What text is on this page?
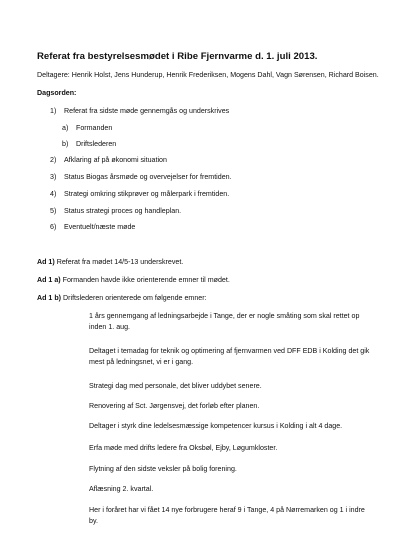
Referat fra bestyrelsesmødet i Ribe Fjernvarme d. 1. juli 2013.
Deltagere: Henrik Holst, Jens Hunderup, Henrik Frederiksen, Mogens Dahl, Vagn Sørensen, Richard Boisen.
Dagsorden:
1) Referat fra sidste møde gennemgås og underskrives
a) Formanden
b) Driftslederen
2) Afklaring af på økonomi situation
3) Status Biogas årsmøde og overvejelser for fremtiden.
4) Strategi omkring stikprøver og målerpark i fremtiden.
5) Status strategi proces og handleplan.
6) Eventuelt/næste møde
Ad 1) Referat fra mødet 14/5-13 underskrevet.
Ad 1 a) Formanden havde ikke orienterende emner til mødet.
Ad 1 b) Driftslederen orienterede om følgende emner:
1 års gennemgang af ledningsarbejde i Tange, der er nogle småting som skal rettet op inden 1. aug.
Deltaget i temadag for teknik og optimering af fjernvarmen ved DFF EDB i Kolding det gik mest på ledningsnet, vi er i gang.
Strategi dag med personale, det bliver uddybet senere.
Renovering af Sct. Jørgensvej, det forløb efter planen.
Deltager i styrk dine ledelsesmæssige kompetencer kursus i Kolding i alt 4 dage.
Erfa møde med drifts ledere fra Oksbøl, Ejby, Løgumkloster.
Flytning af den sidste veksler på bolig forening.
Aflæsning 2. kvartal.
Her i foråret har vi fået 14 nye forbrugere heraf 9 i Tange, 4 på Nørremarken og 1 i indre by.
